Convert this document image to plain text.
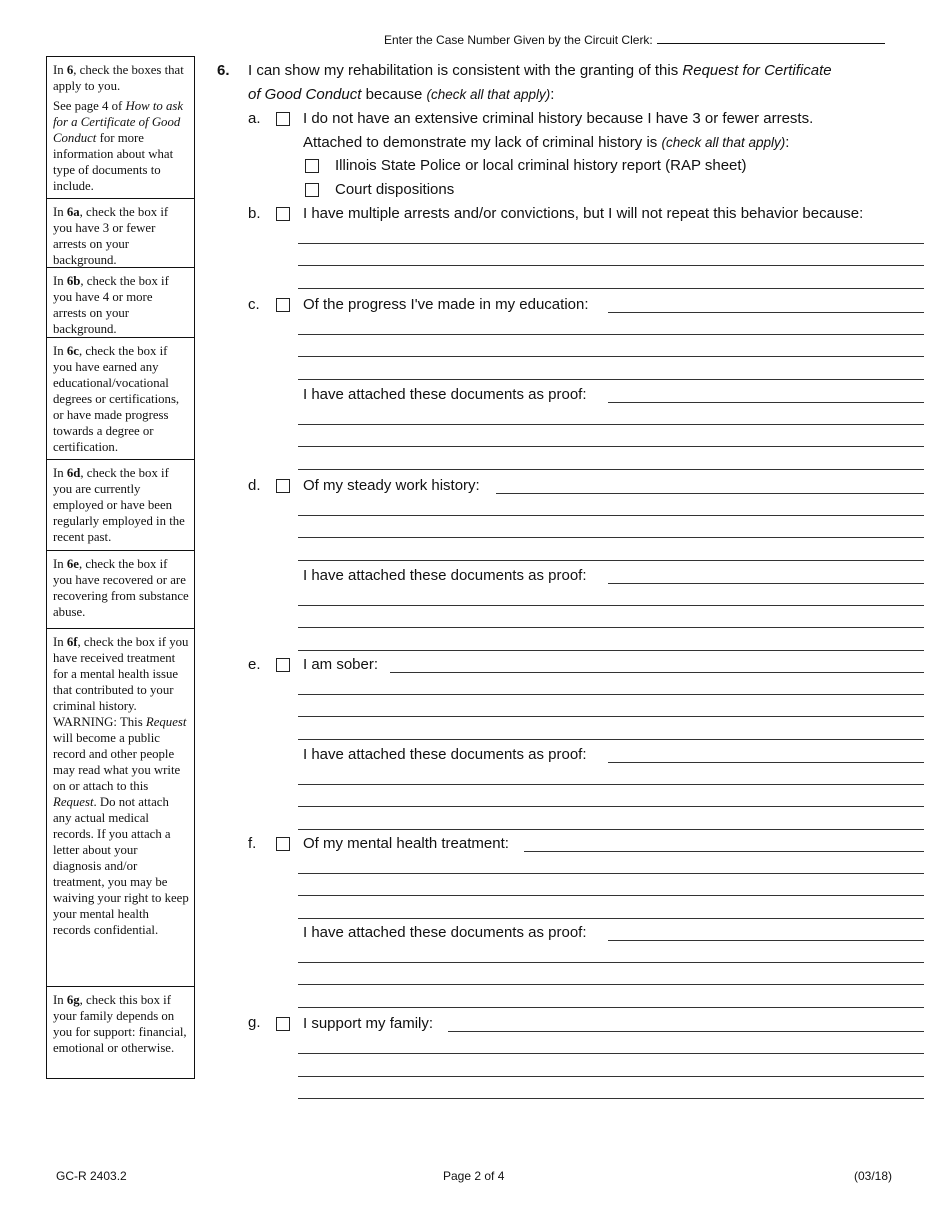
Enter the Case Number Given by the Circuit Clerk:

In 6, check the boxes that apply to you.

See page 4 of How to ask for a Certificate of Good Conduct for more information about what type of documents to include.

In 6a, check the box if you have 3 or fewer arrests on your background.
In 6b, check the box if you have 4 or more arrests on your background.
In 6c, check the box if you have earned any educational/vocational degrees or certifications, or have made progress towards a degree or certification.
In 6d, check the box if you are currently employed or have been regularly employed in the recent past.
In 6e, check the box if you have recovered or are recovering from substance abuse.
In 6f, check the box if you have received treatment for a mental health issue that contributed to your criminal history. WARNING: This Request will become a public record and other people may read what you write on or attach to this Request. Do not attach any actual medical records. If you attach a letter about your diagnosis and/or treatment, you may be waiving your right to keep your mental health records confidential.
In 6g, check this box if your family depends on you for support: financial, emotional or otherwise.
6. I can show my rehabilitation is consistent with the granting of this Request for Certificate
of Good Conduct because (check all that apply):
a.	I do not have an extensive criminal history because I have 3 or fewer arrests.
Attached to demonstrate my lack of criminal history is (check all that apply):
Illinois State Police or local criminal history report (RAP sheet)
Court dispositions
b.	I have multiple arrests and/or convictions, but I will not repeat this behavior because:
c.	Of the progress I've made in my education:
I have attached these documents as proof:
d.	Of my steady work history:
I have attached these documents as proof:
e.	I am sober:
I have attached these documents as proof:
f.	Of my mental health treatment:
I have attached these documents as proof:
g.	I support my family:
GC-R 2403.2	Page 2 of 4	(03/18)
